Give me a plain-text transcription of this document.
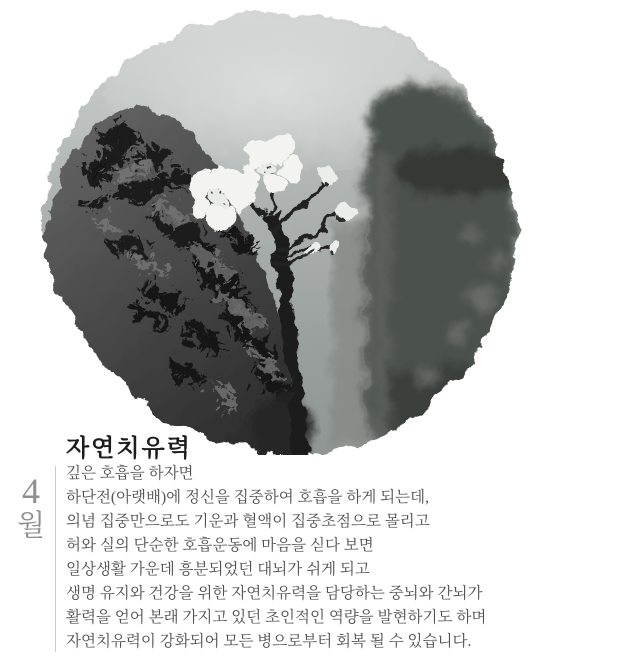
자연치유력
4
월

깊은 호흡을 하자면

하단전(아랫배)에 정신을 집중하여 호흡을 하게 되는데,

의념 집중만으로도 기운과 혈액이 집중초점으로 몰리고

허와 실의 단순한 호흡운동에 마음을 싣다 보면

일상생활 가운데 흥분되었던 대뇌가 쉬게 되고

생명 유지와 건강을 위한 자연치유력을 담당하는 중뇌와 간뇌가

활력을 얻어 본래 가지고 있던 초인적인 역량을 발현하기도 하며

자연치유력이 강화되어 모든 병으로부터 회복 될 수 있습니다.
